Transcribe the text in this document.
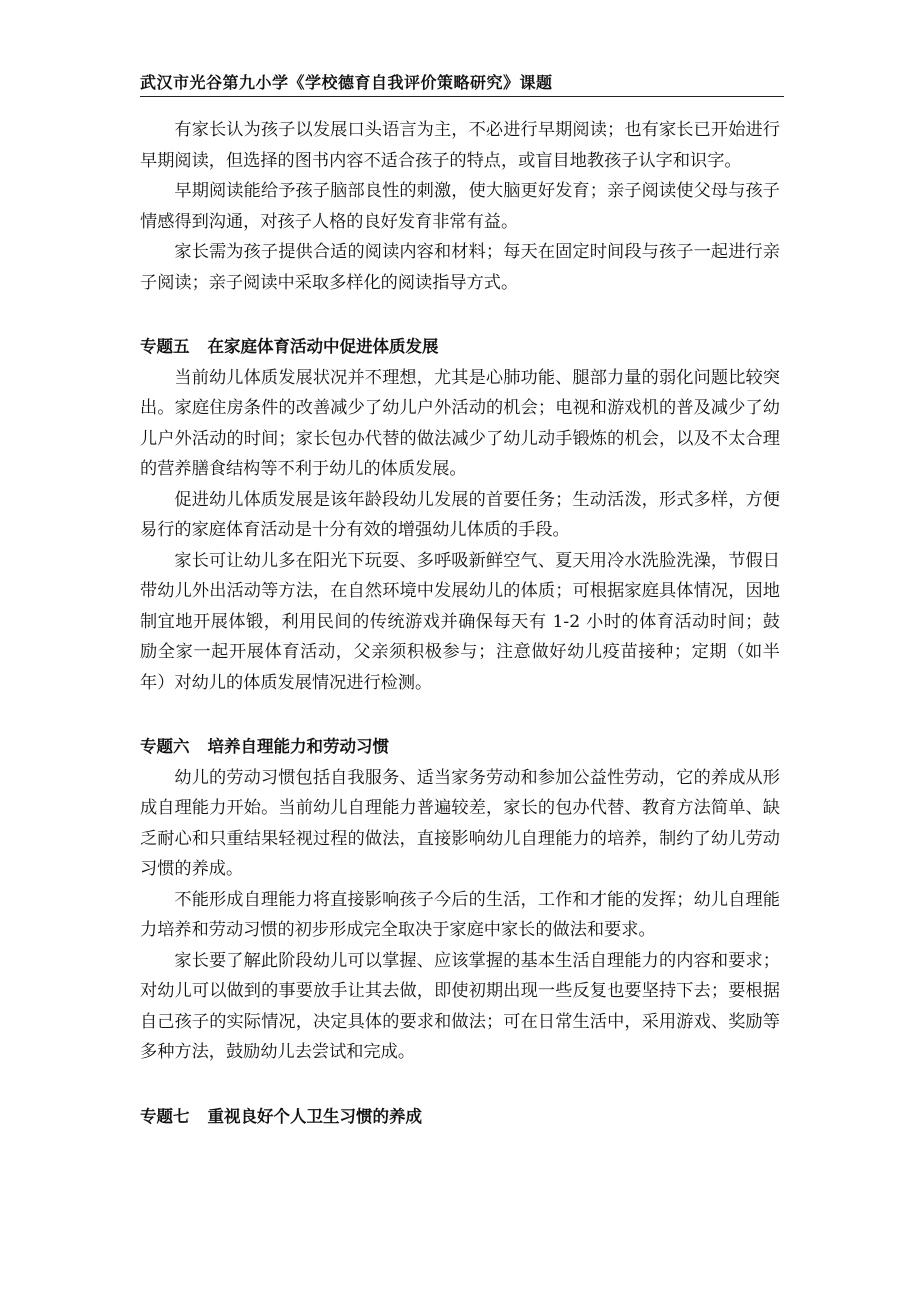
武汉市光谷第九小学《学校德育自我评价策略研究》课题

有家长认为孩子以发展口头语言为主，不必进行早期阅读；也有家长已开始进行早期阅读，但选择的图书内容不适合孩子的特点，或盲目地教孩子认字和识字。

早期阅读能给予孩子脑部良性的刺激，使大脑更好发育；亲子阅读使父母与孩子情感得到沟通，对孩子人格的良好发育非常有益。

家长需为孩子提供合适的阅读内容和材料；每天在固定时间段与孩子一起进行亲子阅读；亲子阅读中采取多样化的阅读指导方式。

专题五 在家庭体育活动中促进体质发展

当前幼儿体质发展状况并不理想，尤其是心肺功能、腿部力量的弱化问题比较突出。家庭住房条件的改善减少了幼儿户外活动的机会；电视和游戏机的普及减少了幼儿户外活动的时间；家长包办代替的做法减少了幼儿动手锻炼的机会，以及不太合理的营养膳食结构等不利于幼儿的体质发展。

促进幼儿体质发展是该年龄段幼儿发展的首要任务；生动活泼，形式多样，方便易行的家庭体育活动是十分有效的增强幼儿体质的手段。

家长可让幼儿多在阳光下玩耍、多呼吸新鲜空气、夏天用冷水洗脸洗澡，节假日带幼儿外出活动等方法，在自然环境中发展幼儿的体质；可根据家庭具体情况，因地制宜地开展体锻，利用民间的传统游戏并确保每天有 1-2 小时的体育活动时间；鼓励全家一起开展体育活动，父亲须积极参与；注意做好幼儿疫苗接种；定期（如半年）对幼儿的体质发展情况进行检测。

专题六 培养自理能力和劳动习惯

幼儿的劳动习惯包括自我服务、适当家务劳动和参加公益性劳动，它的养成从形成自理能力开始。当前幼儿自理能力普遍较差，家长的包办代替、教育方法简单、缺乏耐心和只重结果轻视过程的做法，直接影响幼儿自理能力的培养，制约了幼儿劳动习惯的养成。

不能形成自理能力将直接影响孩子今后的生活，工作和才能的发挥；幼儿自理能力培养和劳动习惯的初步形成完全取决于家庭中家长的做法和要求。

家长要了解此阶段幼儿可以掌握、应该掌握的基本生活自理能力的内容和要求；对幼儿可以做到的事要放手让其去做，即使初期出现一些反复也要坚持下去；要根据自己孩子的实际情况，决定具体的要求和做法；可在日常生活中，采用游戏、奖励等多种方法，鼓励幼儿去尝试和完成。

专题七 重视良好个人卫生习惯的养成
